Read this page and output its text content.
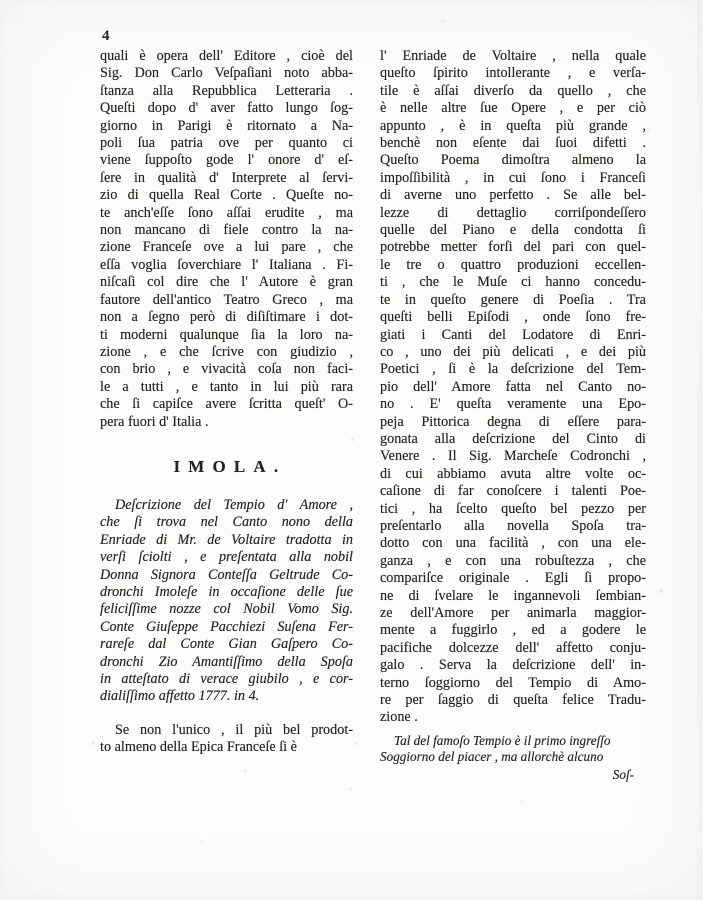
4
quali è opera dell' Editore , cioè del
Sig. Don Carlo Veſpaſiani noto abba-
ſtanza alla Repubblica Letteraria .
Queſti dopo d' aver fatto lungo ſog-
giorno in Parigi è ritornato a Na-
poli ſua patria ove per quanto ci
viene ſuppoſto gode l' onore d' eſ-
ſere in qualità d' Interprete al ſervi-
zio di quella Real Corte . Queſte no-
te anch'eſſe ſono aſſai erudite , ma
non mancano di fiele contro la na-
zione Franceſe ove a lui pare , che
eſſa voglia ſoverchiare l' Italiana . Fi-
niſcaſi col dire che l' Autore è gran
fautore dell'antico Teatro Greco , ma
non a ſegno però di diſiſtimare i dot-
ti moderni qualunque ſia la loro na-
zione , e che ſcrive con giudizio ,
con brio , e vivacità coſa non faci-
le a tutti , e tanto in lui più rara
che ſi capiſce avere ſcritta queſt' O-
pera fuori d' Italia .
IMOLA.
Deſcrizione del Tempio d' Amore ,
che ſi trova nel Canto nono della
Enriade di Mr. de Voltaire tradotta in
verſi ſciolti , e preſentata alla nobil
Donna Signora Conteſſa Geltrude Co-
dronchi Imoleſe in occaſione delle ſue
feliciſſime nozze col Nobil Vomo Sig.
Conte Giuſeppe Pacchiezi Suſena Fer-
rareſe dal Conte Gian Gaſpero Co-
dronchi Zio Amantiſſimo della Spoſa
in atteſtato di verace giubilo , e cor-
dialiſſimo affetto 1777. in 4.
Se non l'unico , il più bel prodot-
to almeno della Epica Franceſe ſi è
l' Enriade de Voltaire , nella quale
queſto ſpirito intollerante , e verſa-
tile è aſſai diverſo da quello , che
è nelle altre ſue Opere , e per ciò
appunto , è in queſta più grande ,
benchè non eſente dai ſuoi difetti .
Queſto Poema dimoſtra almeno la
impoſſibilità , in cui ſono i Franceſi
di averne uno perfetto . Se alle bel-
lezze di dettaglio corriſpondeſſero
quelle del Piano e della condotta ſi
potrebbe metter forſi del pari con quel-
le tre o quattro produzioni eccellen-
ti , che le Muſe ci hanno concedu-
te in queſto genere di Poeſia . Tra
queſti belli Epiſodi , onde ſono fre-
giati i Canti del Lodatore di Enri-
co , uno dei più delicati , e dei più
Poetici , ſi è la deſcrizione del Tem-
pio dell' Amore fatta nel Canto no-
no . E' queſta veramente una Epo-
peja Pittorica degna di eſſere para-
gonata alla deſcrizione del Cinto di
Venere . Il Sig. Marcheſe Codronchi ,
di cui abbiamo avuta altre volte oc-
caſione di far conoſcere i talenti Poe-
tici , ha ſcelto queſto bel pezzo per
preſentarlo alla novella Spoſa tra-
dotto con una facilità , con una ele-
ganza , e con una robuſtezza , che
compariſce originale . Egli ſi propo-
ne di ſvelare le ingannevoli ſembian-
ze dell'Amore per animarla maggior-
mente a fuggirlo , ed a godere le
pacifiche dolcezze dell' affetto conju-
galo . Serva la deſcrizione dell' in-
terno ſoggiorno del Tempio di Amo-
re per ſaggio di queſta felice Tradu-
zione .
Tal del famoſo Tempio è il primo ingreſſo
Soggiorno del piacer , ma allorchè alcuno
Soſ-
